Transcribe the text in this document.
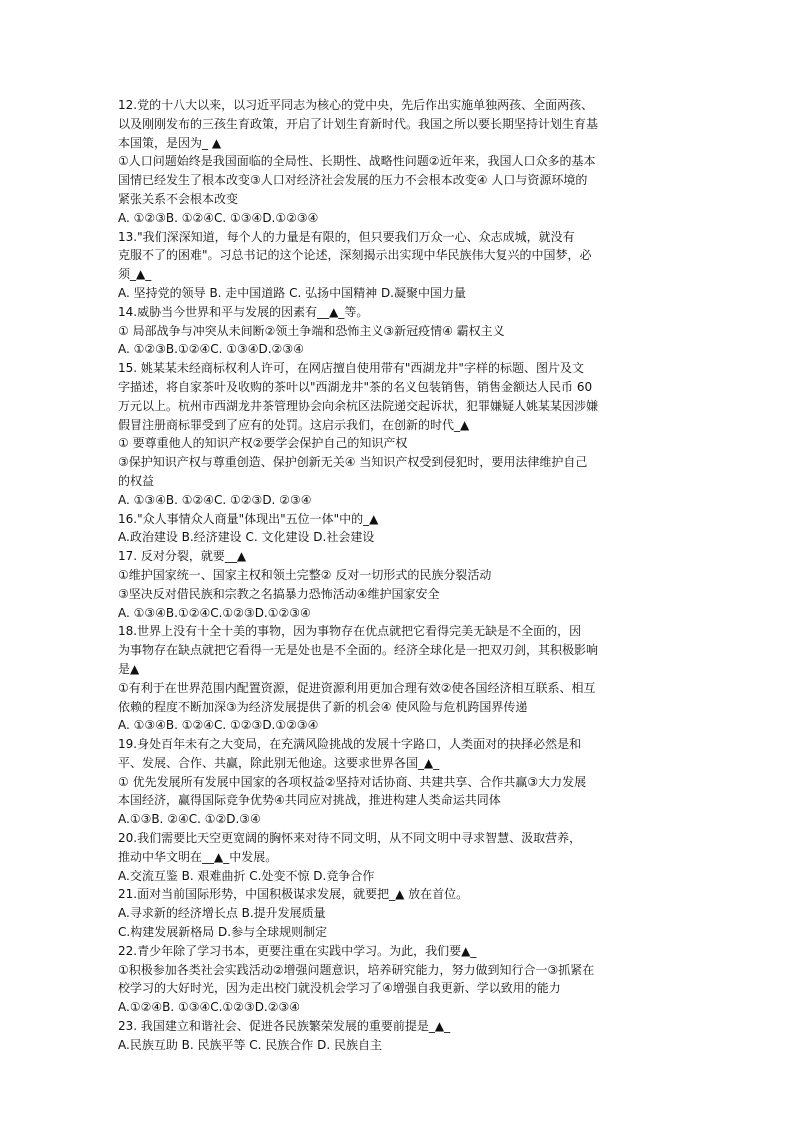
12.党的十八大以来，以习近平同志为核心的党中央，先后作出实施单独两孩、全面两孩、
以及刚刚发布的三孩生育政策，开启了计划生育新时代。我国之所以要长期坚持计划生育基
本国策，是因为_ ▲
①人口问题始终是我国面临的全局性、长期性、战略性问题②近年来，我国人口众多的基本
国情已经发生了根本改变③人口对经济社会发展的压力不会根本改变④ 人口与资源环境的
紧张关系不会根本改变
A. ①②③B. ①②④C. ①③④D.①②③④
13."我们深深知道，每个人的力量是有限的，但只要我们万众一心、众志成城，就没有
克服不了的困难"。习总书记的这个论述，深刻揭示出实现中华民族伟大复兴的中国梦，必
须_▲_
A. 坚持党的领导 B. 走中国道路 C. 弘扬中国精神 D.凝聚中国力量
14.威胁当今世界和平与发展的因素有__▲_等。
① 局部战争与冲突从未间断②领土争端和恐怖主义③新冠疫情④ 霸权主义
A. ①②③B.①②④C. ①③④D.②③④
15. 姚某某未经商标权利人许可，在网店擅自使用带有"西湖龙井"字样的标题、图片及文
字描述，将自家茶叶及收购的茶叶以"西湖龙井"茶的名义包装销售，销售金额达人民币 60
万元以上。杭州市西湖龙井茶管理协会向余杭区法院递交起诉状，犯罪嫌疑人姚某某因涉嫌
假冒注册商标罪受到了应有的处罚。这启示我们，在创新的时代_▲
① 要尊重他人的知识产权②要学会保护自己的知识产权
③保护知识产权与尊重创造、保护创新无关④ 当知识产权受到侵犯时，要用法律维护自己
的权益
A. ①③④B. ①②④C. ①②③D. ②③④
16."众人事情众人商量"体现出"五位一体"中的_▲
A.政治建设 B.经济建设 C. 文化建设 D.社会建设
17. 反对分裂，就要__▲
①维护国家统一、国家主权和领土完整② 反对一切形式的民族分裂活动
③坚决反对借民族和宗教之名搞暴力恐怖活动④维护国家安全
A. ①③④B.①②④C.①②③D.①②③④
18.世界上没有十全十美的事物，因为事物存在优点就把它看得完美无缺是不全面的，因
为事物存在缺点就把它看得一无是处也是不全面的。经济全球化是一把双刃剑，其积极影响
是▲
①有利于在世界范围内配置资源，促进资源利用更加合理有效②使各国经济相互联系、相互
依赖的程度不断加深③为经济发展提供了新的机会④ 使风险与危机跨国界传递
A. ①③④B. ①②④C. ①②③D.①②③④
19.身处百年未有之大变局，在充满风险挑战的发展十字路口，人类面对的抉择必然是和
平、发展、合作、共赢，除此别无他途。这要求世界各国_▲_
① 优先发展所有发展中国家的各项权益②坚持对话协商、共建共享、合作共赢③大力发展
本国经济，赢得国际竞争优势④共同应对挑战，推进构建人类命运共同体
A.①③B. ②④C. ①②D.③④
20.我们需要比天空更宽阔的胸怀来对待不同文明，从不同文明中寻求智慧、汲取营养，
推动中华文明在__▲_中发展。
A.交流互鉴 B. 艰难曲折 C.处变不惊 D.竞争合作
21.面对当前国际形势，中国积极谋求发展，就要把_▲ 放在首位。
A.寻求新的经济增长点 B.提升发展质量
C.构建发展新格局 D.参与全球规则制定
22.青少年除了学习书本，更要注重在实践中学习。为此，我们要▲_
①积极参加各类社会实践活动②增强问题意识，培养研究能力，努力做到知行合一③抓紧在
校学习的大好时光，因为走出校门就没机会学习了④增强自我更新、学以致用的能力
A.①②④B. ①③④C.①②③D.②③④
23. 我国建立和谐社会、促进各民族繁荣发展的重要前提是_▲_
A.民族互助 B. 民族平等 C. 民族合作 D. 民族自主
